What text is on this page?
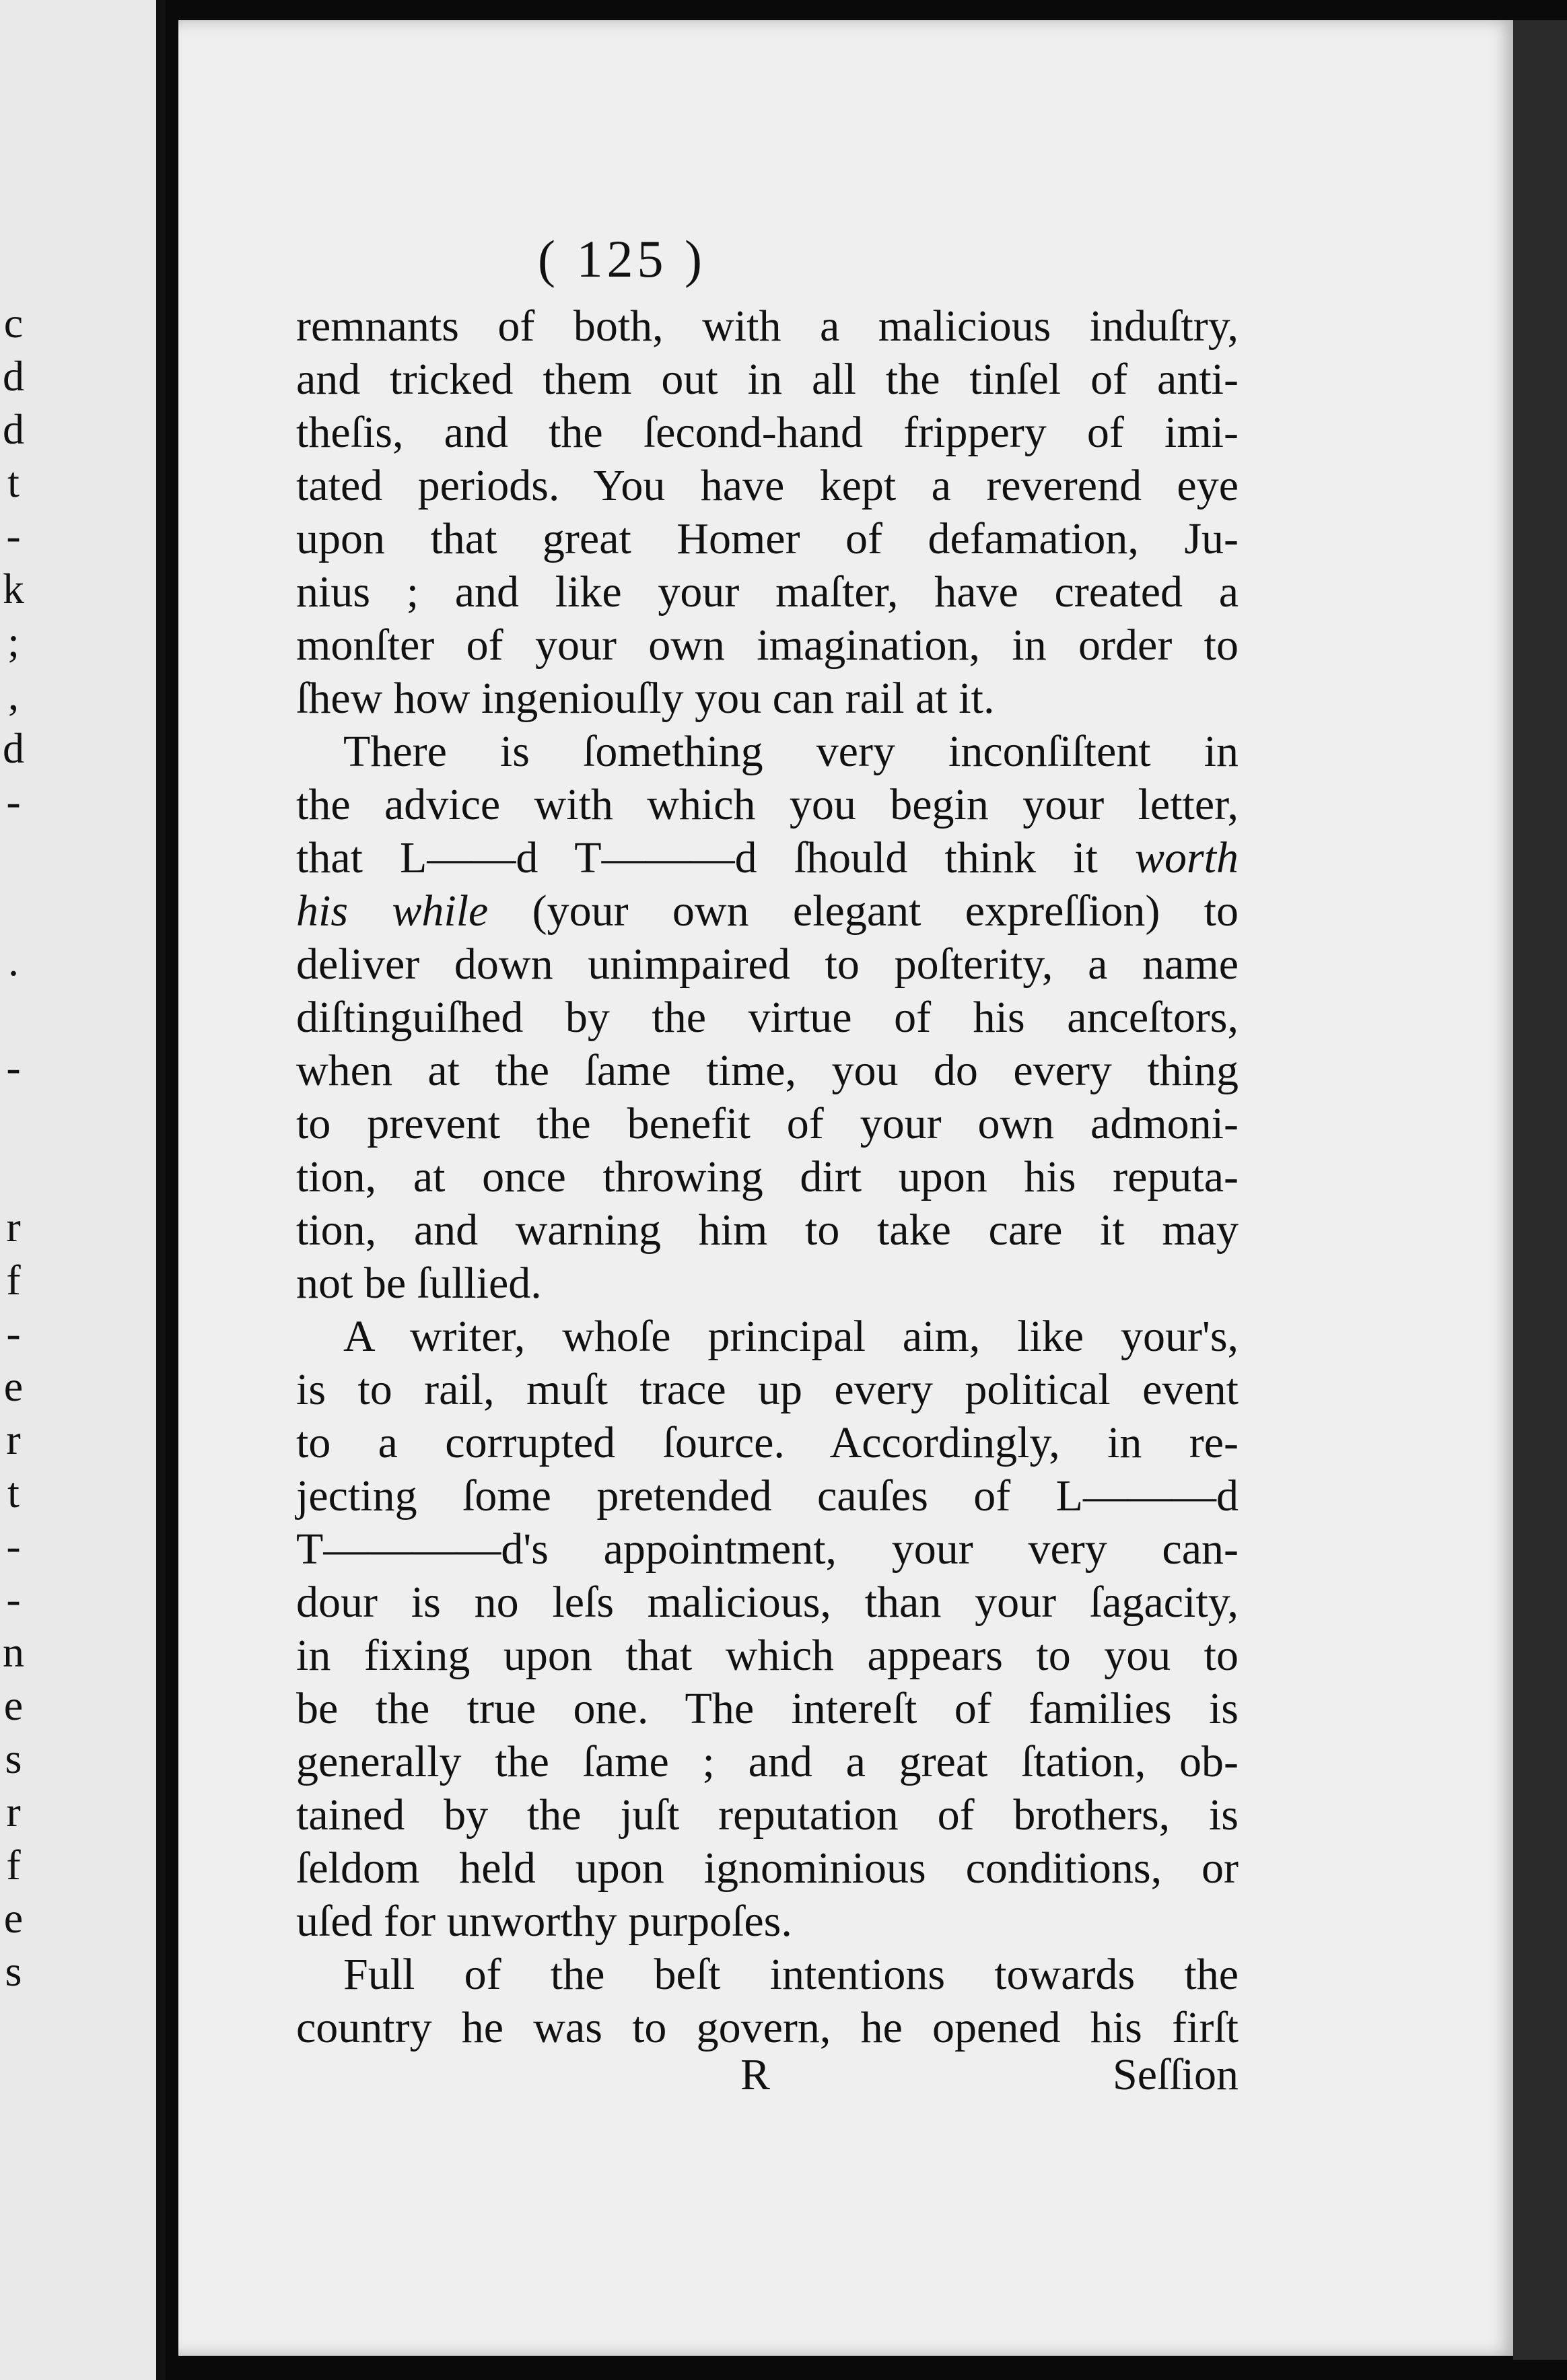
c
d
d
t
-
k
;
,
d
-
.
-
r
f
-
e
r
t
-
-
n
e
s
r
f
e
s
( 125 )
remnants of both, with a malicious induſtry,
and tricked them out in all the tinſel of anti-
theſis, and the ſecond-hand frippery of imi-
tated periods. You have kept a reverend eye
upon that great Homer of defamation, Ju-
nius ; and like your maſter, have created a
monſter of your own imagination, in order to
ſhew how ingeniouſly you can rail at it.
There is ſomething very inconſiſtent in
the advice with which you begin your letter,
that L——d T———d ſhould think it worth
his while (your own elegant expreſſion) to
deliver down unimpaired to poſterity, a name
diſtinguiſhed by the virtue of his anceſtors,
when at the ſame time, you do every thing
to prevent the benefit of your own admoni-
tion, at once throwing dirt upon his reputa-
tion, and warning him to take care it may
not be ſullied.
A writer, whoſe principal aim, like your's,
is to rail, muſt trace up every political event
to a corrupted ſource. Accordingly, in re-
jecting ſome pretended cauſes of L———d
T————d's appointment, your very can-
dour is no leſs malicious, than your ſagacity,
in fixing upon that which appears to you to
be the true one. The intereſt of families is
generally the ſame ; and a great ſtation, ob-
tained by the juſt reputation of brothers, is
ſeldom held upon ignominious conditions, or
uſed for unworthy purpoſes.
Full of the beſt intentions towards the
country he was to govern, he opened his firſt
R	Seſſion
